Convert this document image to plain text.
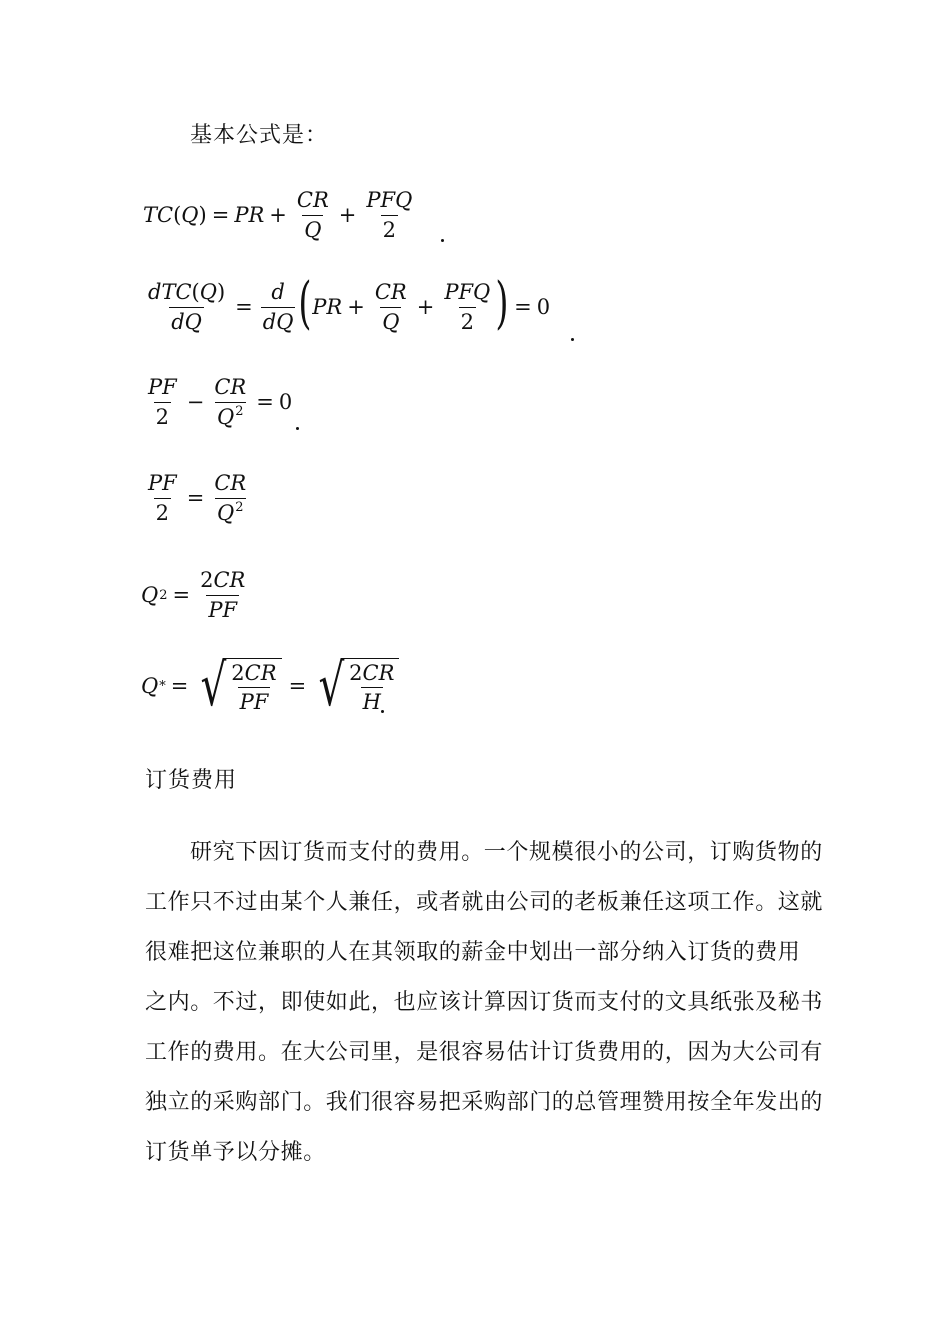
基本公式是：
TC ( Q ) = PR + $\frac{CR}{Q} + \frac{\text{PFQ}}{2}$
$\frac{\text{dTC(Q)}}{dQ} = \frac{d}{dQ}$ ( PR + $\frac{CR}{Q} + \frac{\text{PFQ}}{2}$ ) = 0
$\frac{PF}{2} - \frac{CR}{Q^2} = 0$
$\frac{PF}{2} = \frac{CR}{Q^2}$
Q $2 = \frac{2CR}{PF}$
Q * = √ $\frac{2CR}{PF}$ = √ $\frac{2CR}{H}$
订货费用
研究下因订货而支付的费用。一个规模很小的公司，订购货物的
工作只不过由某个人兼任，或者就由公司的老板兼任这项工作。这就
很难把这位兼职的人在其领取的薪金中划出一部分纳入订货的费用
之内。不过，即使如此，也应该计算因订货而支付的文具纸张及秘书
工作的费用。在大公司里，是很容易估计订货费用的，因为大公司有
独立的采购部门。我们很容易把采购部门的总管理赞用按全年发出的
订货单予以分摊。
